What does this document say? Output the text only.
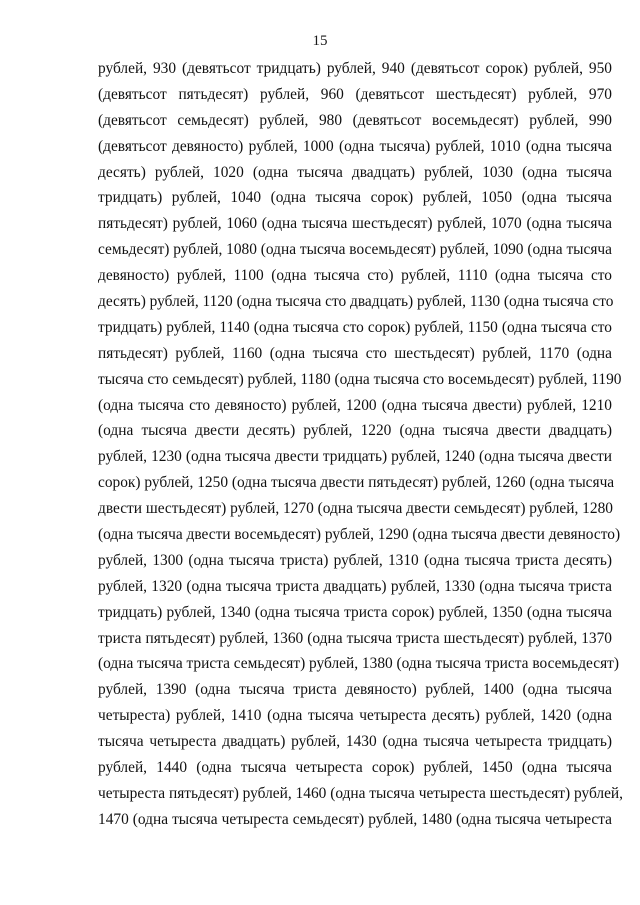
15
рублей, 930 (девятьсот тридцать) рублей, 940 (девятьсот сорок) рублей, 950
(девятьсот пятьдесят) рублей, 960 (девятьсот шестьдесят) рублей, 970
(девятьсот семьдесят) рублей, 980 (девятьсот восемьдесят) рублей, 990
(девятьсот девяносто) рублей, 1000 (одна тысяча) рублей, 1010 (одна тысяча
десять) рублей, 1020 (одна тысяча двадцать) рублей, 1030 (одна тысяча
тридцать) рублей, 1040 (одна тысяча сорок) рублей, 1050 (одна тысяча
пятьдесят) рублей, 1060 (одна тысяча шестьдесят) рублей, 1070 (одна тысяча
семьдесят) рублей, 1080 (одна тысяча восемьдесят) рублей, 1090 (одна тысяча
девяносто) рублей, 1100 (одна тысяча сто) рублей, 1110 (одна тысяча сто
десять) рублей, 1120 (одна тысяча сто двадцать) рублей, 1130 (одна тысяча сто
тридцать) рублей, 1140 (одна тысяча сто сорок) рублей, 1150 (одна тысяча сто
пятьдесят) рублей, 1160 (одна тысяча сто шестьдесят) рублей, 1170 (одна
тысяча сто семьдесят) рублей, 1180 (одна тысяча сто восемьдесят) рублей, 1190
(одна тысяча сто девяносто) рублей, 1200 (одна тысяча двести) рублей, 1210
(одна тысяча двести десять) рублей, 1220 (одна тысяча двести двадцать)
рублей, 1230 (одна тысяча двести тридцать) рублей, 1240 (одна тысяча двести
сорок) рублей, 1250 (одна тысяча двести пятьдесят) рублей, 1260 (одна тысяча
двести шестьдесят) рублей, 1270 (одна тысяча двести семьдесят) рублей, 1280
(одна тысяча двести восемьдесят) рублей, 1290 (одна тысяча двести девяносто)
рублей, 1300 (одна тысяча триста) рублей, 1310 (одна тысяча триста десять)
рублей, 1320 (одна тысяча триста двадцать) рублей, 1330 (одна тысяча триста
тридцать) рублей, 1340 (одна тысяча триста сорок) рублей, 1350 (одна тысяча
триста пятьдесят) рублей, 1360 (одна тысяча триста шестьдесят) рублей, 1370
(одна тысяча триста семьдесят) рублей, 1380 (одна тысяча триста восемьдесят)
рублей, 1390 (одна тысяча триста девяносто) рублей, 1400 (одна тысяча
четыреста) рублей, 1410 (одна тысяча четыреста десять) рублей, 1420 (одна
тысяча четыреста двадцать) рублей, 1430 (одна тысяча четыреста тридцать)
рублей, 1440 (одна тысяча четыреста сорок) рублей, 1450 (одна тысяча
четыреста пятьдесят) рублей, 1460 (одна тысяча четыреста шестьдесят) рублей,
1470 (одна тысяча четыреста семьдесят) рублей, 1480 (одна тысяча четыреста
